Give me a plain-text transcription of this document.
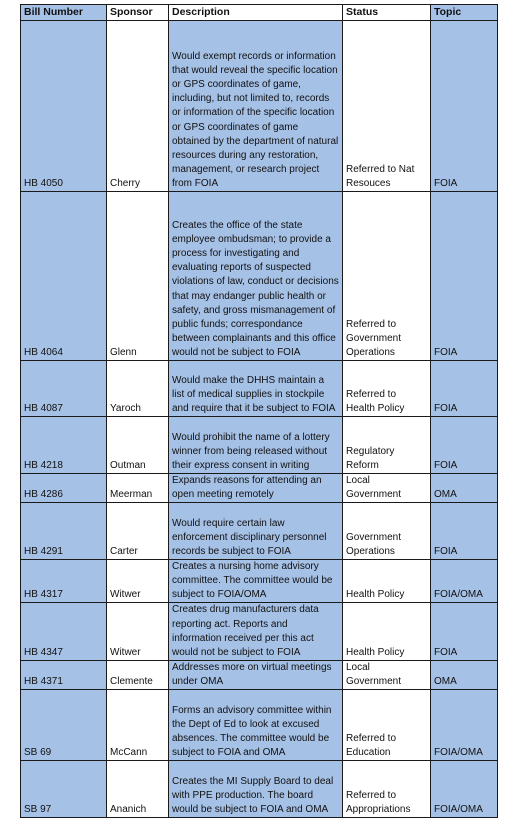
Bill Number	Sponsor	Description	Status	Topic
HB 4050	Cherry	Would exempt records or information that would reveal the specific location or GPS coordinates of game, including, but not limited to, records or information of the specific location or GPS coordinates of game obtained by the department of natural resources during any restoration, management, or research project from FOIA	Referred to Nat Resouces	FOIA
HB 4064	Glenn	Creates the office of the state employee ombudsman; to provide a process for investigating and evaluating reports of suspected violations of law, conduct or decisions that may endanger public health or safety, and gross mismanagement of public funds; correspondance between complainants and this office would not be subject to FOIA	Referred to Government Operations	FOIA
HB 4087	Yaroch	Would make the DHHS maintain a list of medical supplies in stockpile and require that it be subject to FOIA	Referred to Health Policy	FOIA
HB 4218	Outman	Would prohibit the name of a lottery winner from being released without their express consent in writing	Regulatory Reform	FOIA
HB 4286	Meerman	Expands reasons for attending an open meeting remotely	Local Government	OMA
HB 4291	Carter	Would require certain law enforcement disciplinary personnel records be subject to FOIA	Government Operations	FOIA
HB 4317	Witwer	Creates a nursing home advisory committee. The committee would be subject to FOIA/OMA	Health Policy	FOIA/OMA
HB 4347	Witwer	Creates drug manufacturers data reporting act. Reports and information received per this act would not be subject to FOIA	Health Policy	FOIA
HB 4371	Clemente	Addresses more on virtual meetings under OMA	Local Government	OMA
SB 69	McCann	Forms an advisory committee within the Dept of Ed to look at excused absences. The committee would be subject to FOIA and OMA	Referred to Education	FOIA/OMA
SB 97	Ananich	Creates the MI Supply Board to deal with PPE production. The board would be subject to FOIA and OMA	Referred to Appropriations	FOIA/OMA
